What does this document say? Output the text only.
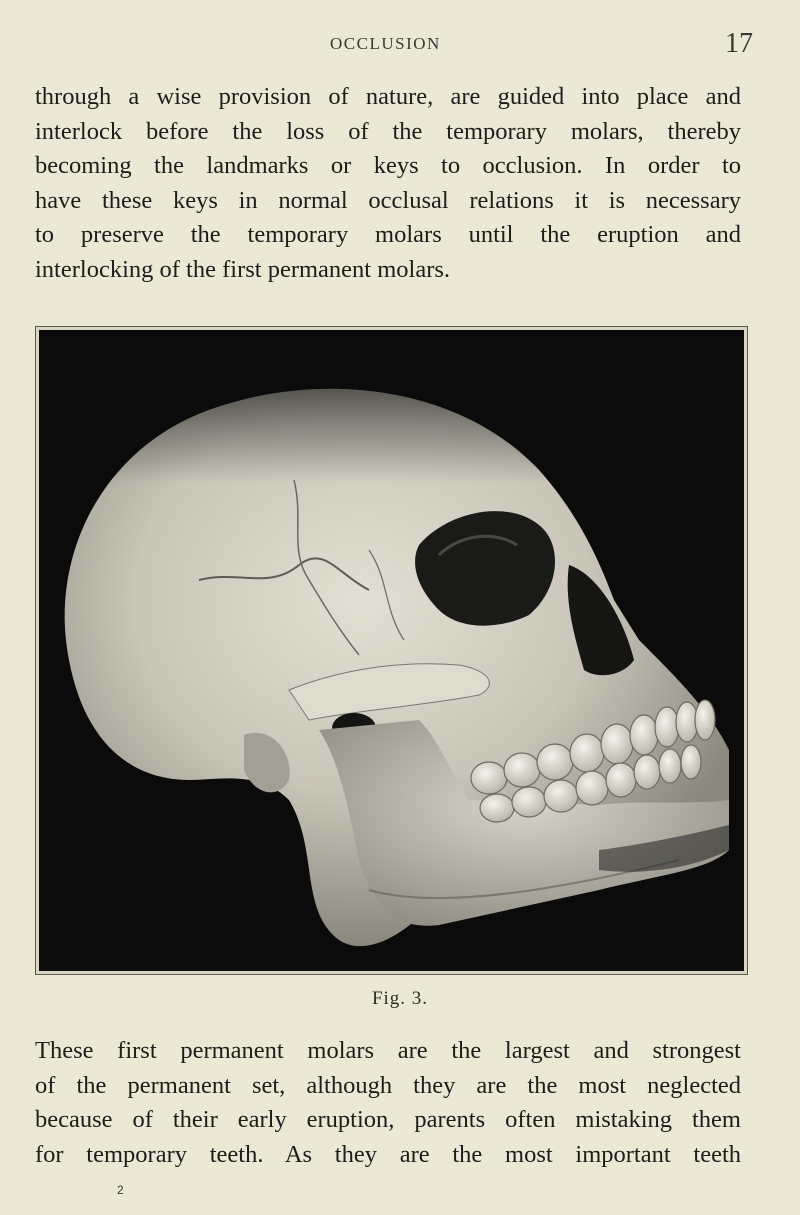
OCCLUSION	17

through a wise provision of nature, are guided into place and
interlock before the loss of the temporary molars, thereby
becoming the landmarks or keys to occlusion. In order to
have these keys in normal occlusal relations it is necessary
to preserve the temporary molars until the eruption and
interlocking of the first permanent molars.

Fig. 3.

These first permanent molars are the largest and strongest
of the permanent set, although they are the most neglected
because of their early eruption, parents often mistaking them
for temporary teeth. As they are the most important teeth

2
